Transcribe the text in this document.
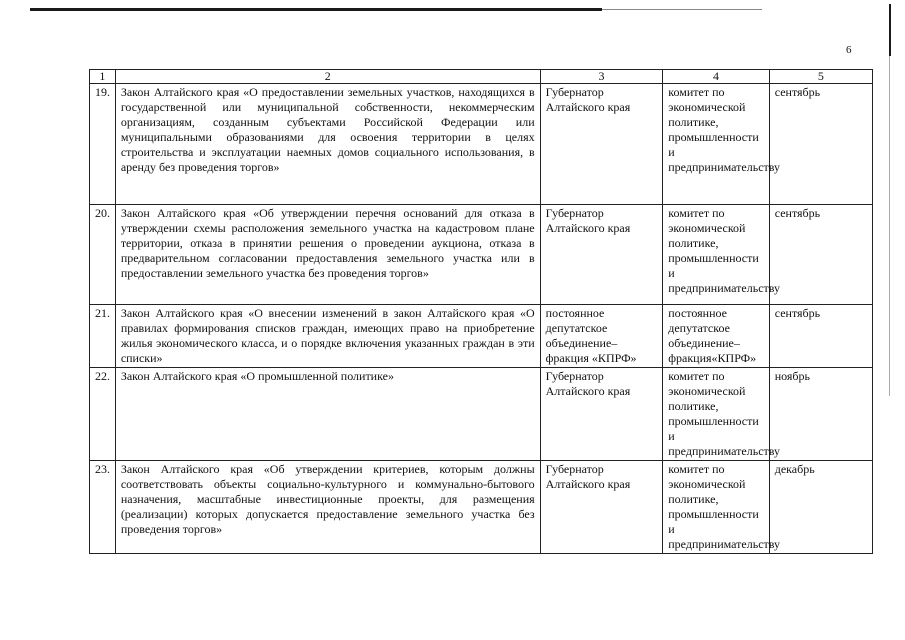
6
1	2	3	4	5
19.	Закон Алтайского края «О предоставлении земельных участков, находящихся в государственной или муниципальной собственности, некоммерческим организациям, созданным субъектами Российской Федерации или муниципальными образованиями для освоения территории в целях строительства и эксплуатации наемных домов социального использования, в аренду без проведения торгов»	Губернатор Алтайского края	комитет по экономической политике, промышленности и предпринимательству	сентябрь
20.	Закон Алтайского края «Об утверждении перечня оснований для отказа в утверждении схемы расположения земельного участка на кадастровом плане территории, отказа в принятии решения о проведении аукциона, отказа в предварительном согласовании предоставления земельного участка или в предоставлении земельного участка без проведения торгов»	Губернатор Алтайского края	комитет по экономической политике, промышленности и предпринимательству	сентябрь
21.	Закон Алтайского края «О внесении изменений в закон Алтайского края «О правилах формирования списков граждан, имеющих право на приобретение жилья экономического класса, и о порядке включения указанных граждан в эти списки»	постоянное депутатское объединение–фракция «КПРФ»	постоянное депутатское объединение–фракция«КПРФ»	сентябрь
22.	Закон Алтайского края «О промышленной политике»	Губернатор Алтайского края	комитет по экономической политике, промышленности и предпринимательству	ноябрь
23.	Закон Алтайского края «Об утверждении критериев, которым должны соответствовать объекты социально-культурного и коммунально-бытового назначения, масштабные инвестиционные проекты, для размещения (реализации) которых допускается предоставление земельного участка без проведения торгов»	Губернатор Алтайского края	комитет по экономической политике, промышленности и предпринимательству	декабрь
